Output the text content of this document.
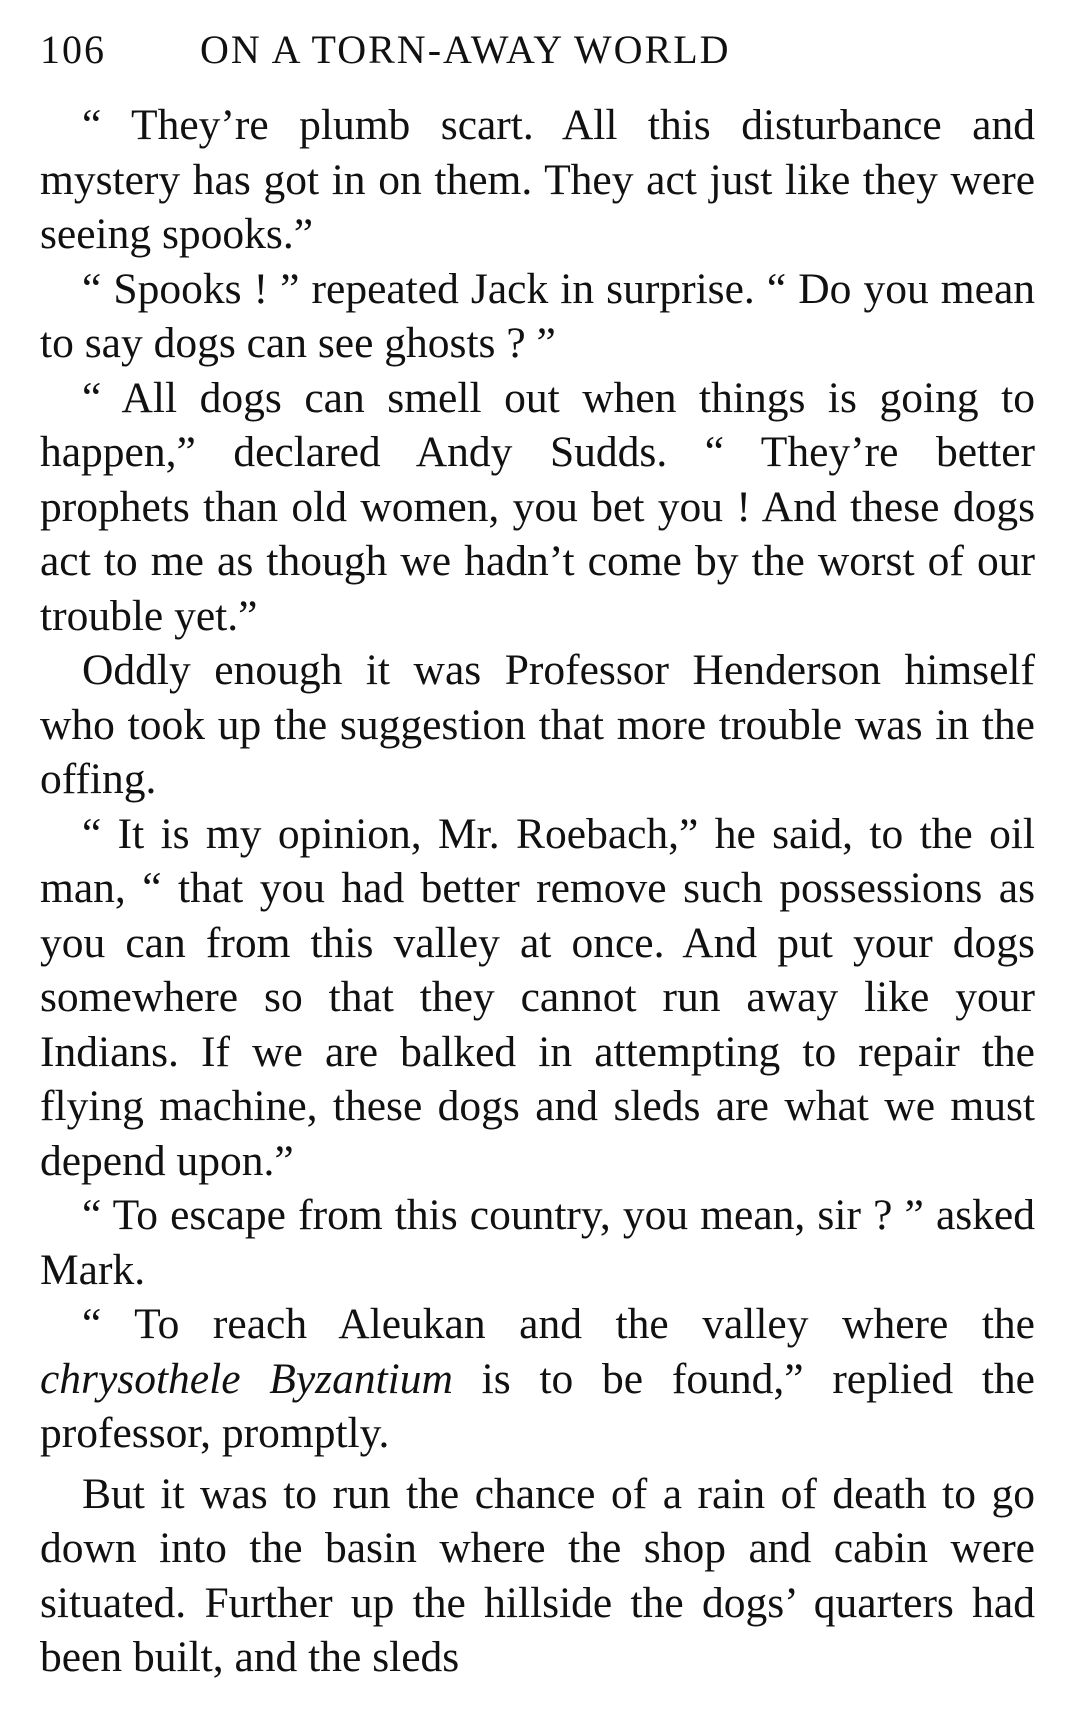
106 ON A TORN-AWAY WORLD

“ They’re plumb scart. All this disturbance and mystery has got in on them. They act just like they were seeing spooks.”

“ Spooks ! ” repeated Jack in surprise. “ Do you mean to say dogs can see ghosts ? ”

“ All dogs can smell out when things is going to happen,” declared Andy Sudds. “ They’re better prophets than old women, you bet you ! And these dogs act to me as though we hadn’t come by the worst of our trouble yet.”

Oddly enough it was Professor Henderson himself who took up the suggestion that more trouble was in the offing.

“ It is my opinion, Mr. Roebach,” he said, to the oil man, “ that you had better remove such possessions as you can from this valley at once. And put your dogs somewhere so that they cannot run away like your Indians. If we are balked in attempting to repair the flying machine, these dogs and sleds are what we must depend upon.”

“ To escape from this country, you mean, sir ? ” asked Mark.

“ To reach Aleukan and the valley where the chrysothele Byzantium is to be found,” replied the professor, promptly.

But it was to run the chance of a rain of death to go down into the basin where the shop and cabin were situated. Further up the hillside the dogs’ quarters had been built, and the sleds
